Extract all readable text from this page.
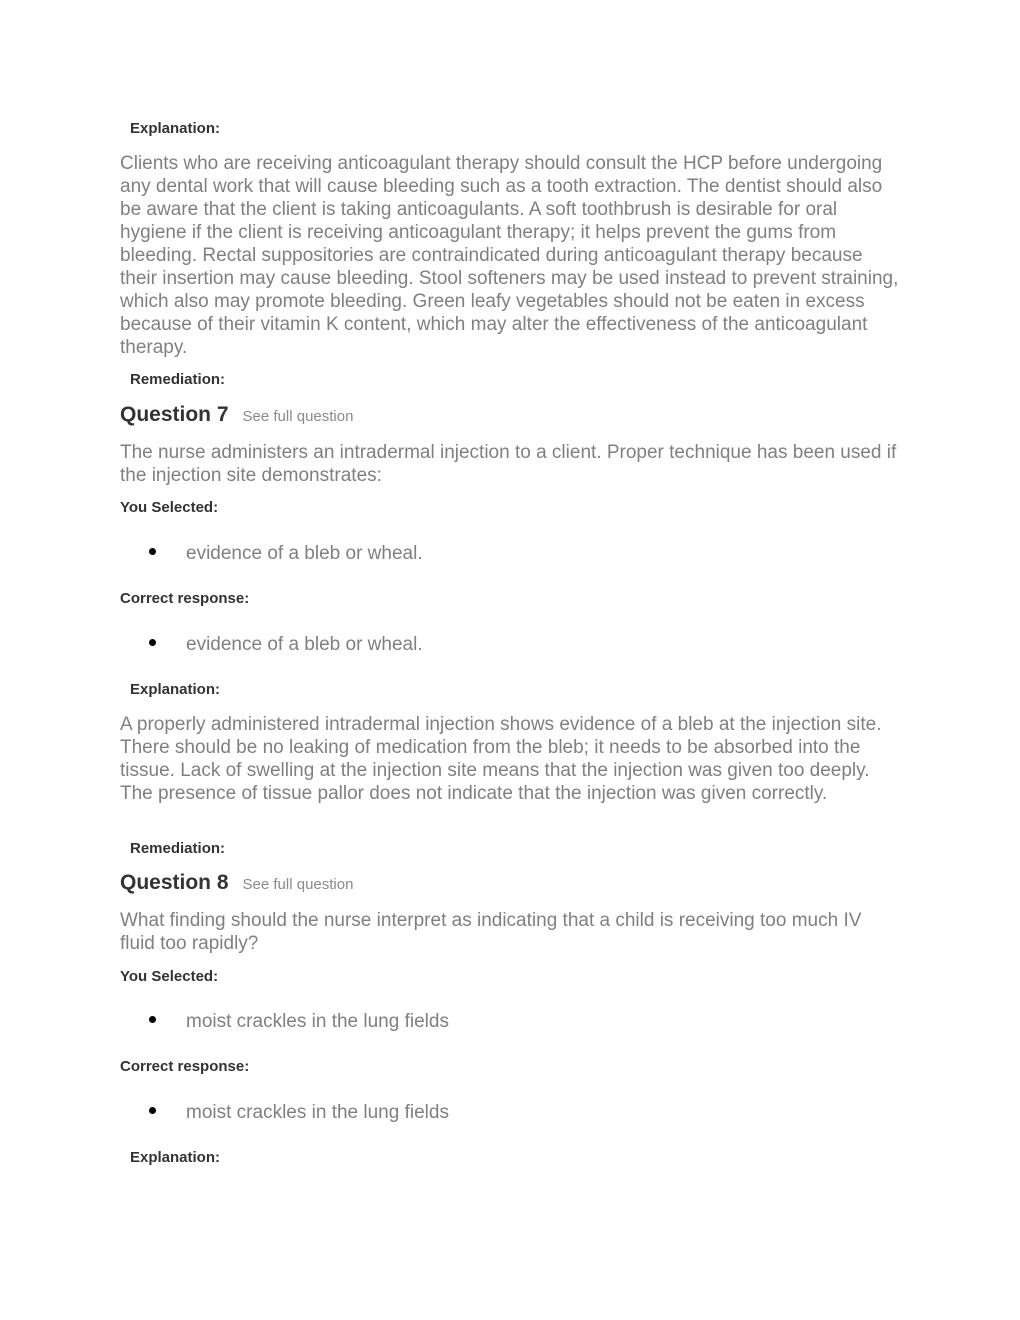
Explanation:
Clients who are receiving anticoagulant therapy should consult the HCP before undergoing any dental work that will cause bleeding such as a tooth extraction. The dentist should also be aware that the client is taking anticoagulants. A soft toothbrush is desirable for oral hygiene if the client is receiving anticoagulant therapy; it helps prevent the gums from bleeding. Rectal suppositories are contraindicated during anticoagulant therapy because their insertion may cause bleeding. Stool softeners may be used instead to prevent straining, which also may promote bleeding. Green leafy vegetables should not be eaten in excess because of their vitamin K content, which may alter the effectiveness of the anticoagulant therapy.
Remediation:
Question 7 See full question
The nurse administers an intradermal injection to a client. Proper technique has been used if the injection site demonstrates:
You Selected:
evidence of a bleb or wheal.
Correct response:
evidence of a bleb or wheal.
Explanation:
A properly administered intradermal injection shows evidence of a bleb at the injection site. There should be no leaking of medication from the bleb; it needs to be absorbed into the tissue. Lack of swelling at the injection site means that the injection was given too deeply. The presence of tissue pallor does not indicate that the injection was given correctly.
Remediation:
Question 8 See full question
What finding should the nurse interpret as indicating that a child is receiving too much IV fluid too rapidly?
You Selected:
moist crackles in the lung fields
Correct response:
moist crackles in the lung fields
Explanation:
